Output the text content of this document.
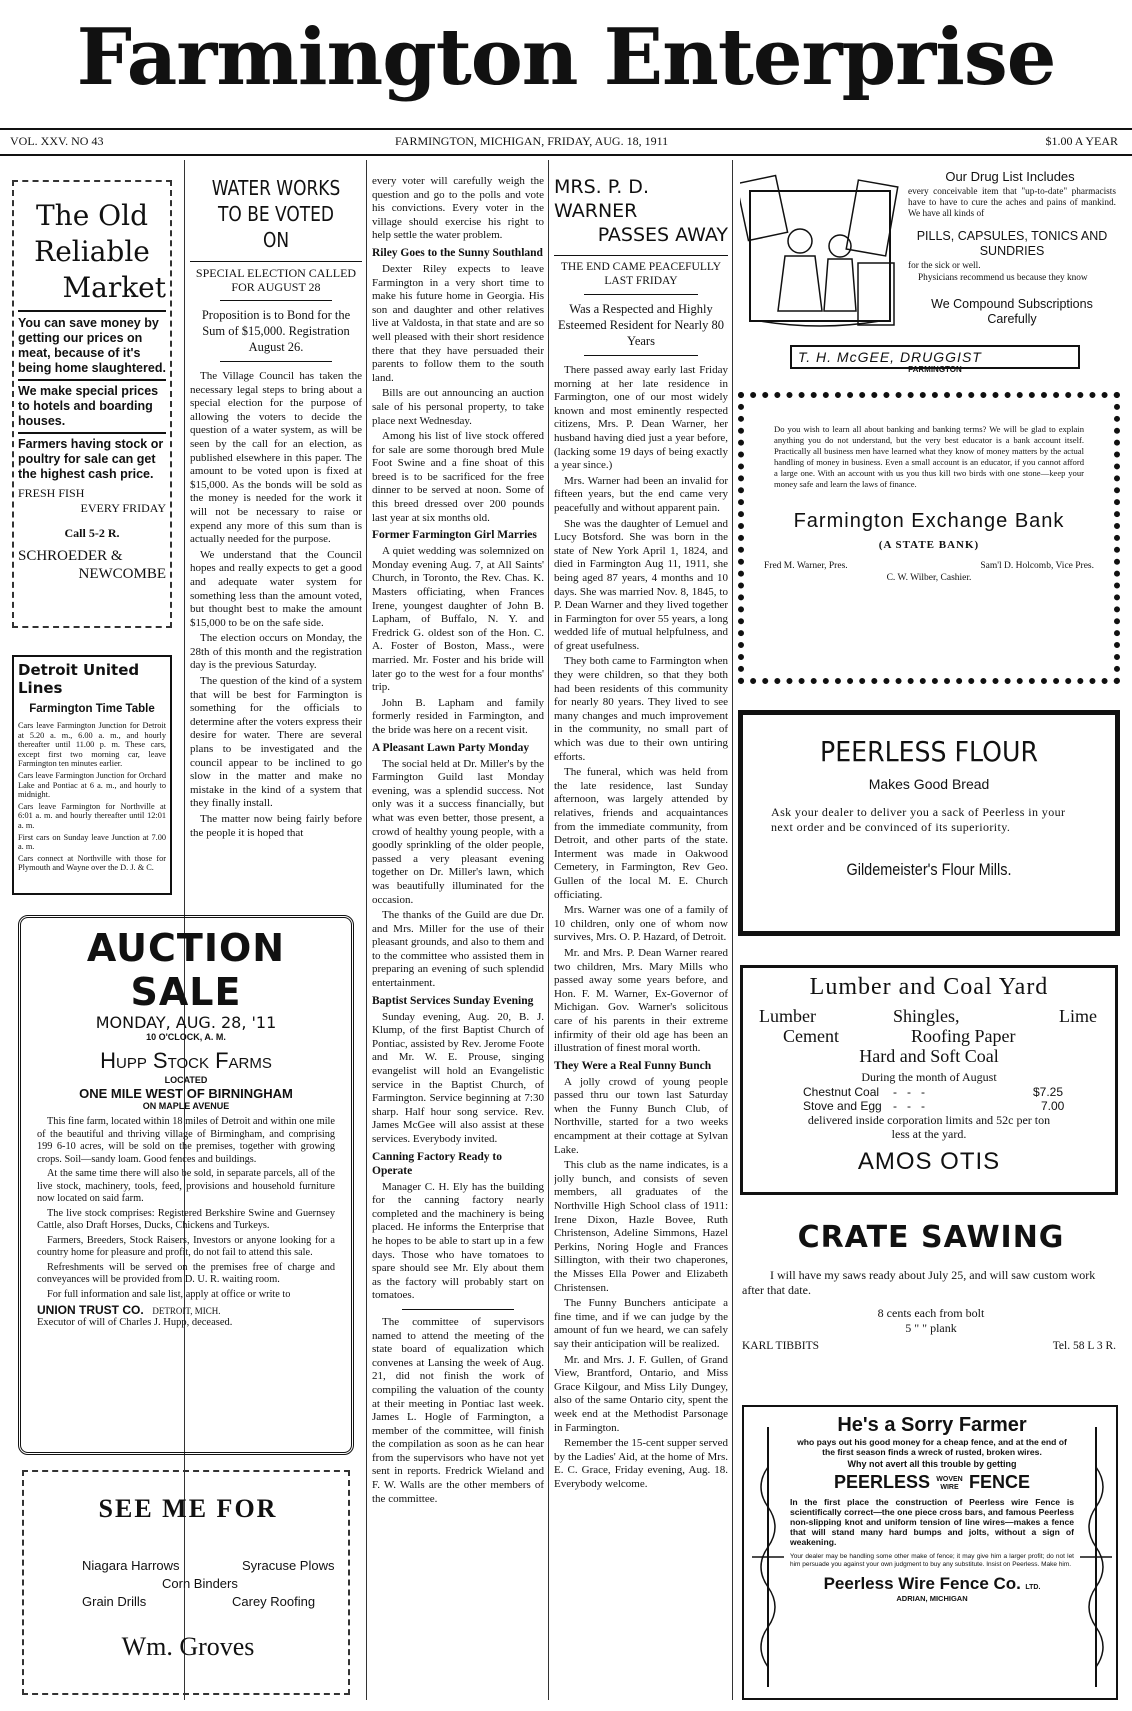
Farmington Enterprise
VOL. XXV. NO 43	FARMINGTON, MICHIGAN, FRIDAY, AUG. 18, 1911	$1.00 A YEAR
The Old
Reliable
Market
You can save money by getting our prices on meat, because of it's being home slaughtered.
We make special prices to hotels and boarding houses.
Farmers having stock or poultry for sale can get the highest cash price.
FRESH FISH
EVERY FRIDAY
Call 5-2 R.
SCHROEDER &
NEWCOMBE
Detroit United Lines
Farmington Time Table
Cars leave Farmington Junction for Detroit at 5.20 a. m., 6.00 a. m., and hourly thereafter until 11.00 p. m. These cars, except first two morning car, leave Farmington ten minutes earlier.
Cars leave Farmington Junction for Orchard Lake and Pontiac at 6 a. m., and hourly to midnight.
Cars leave Farmington for Northville at 6:01 a. m. and hourly thereafter until 12:01 a. m.
First cars on Sunday leave Junction at 7.00 a. m.
Cars connect at Northville with those for Plymouth and Wayne over the D. J. & C.
AUCTION SALE
MONDAY, AUG. 28, '11
10 O'CLOCK, A. M.
Hupp Stock Farms
LOCATED
ONE MILE WEST OF BIRNINGHAM
ON MAPLE AVENUE

This fine farm, located within 18 miles of Detroit and within one mile of the beautiful and thriving village of Birmingham, and comprising 199 6-10 acres, will be sold on the premises, together with growing crops. Soil—sandy loam. Good fences and buildings.

At the same time there will also be sold, in separate parcels, all of the live stock, machinery, tools, feed, provisions and household furniture now located on said farm.

The live stock comprises: Registered Berkshire Swine and Guernsey Cattle, also Draft Horses, Ducks, Chickens and Turkeys.

Farmers, Breeders, Stock Raisers, Investors or anyone looking for a country home for pleasure and profit, do not fail to attend this sale.

Refreshments will be served on the premises free of charge and conveyances will be provided from D. U. R. waiting room.

For full information and sale list, apply at office or write to

UNION TRUST CO. DETROIT, MICH.
Executor of will of Charles J. Hupp, deceased.
SEE ME FOR
Niagara Harrows	Syracuse Plows
Corn Binders
Grain Drills	Carey Roofing
Wm. Groves
WATER WORKS TO BE VOTED ON
SPECIAL ELECTION CALLED FOR AUGUST 28
Proposition is to Bond for the Sum of $15,000. Registration August 26.

The Village Council has taken the necessary legal steps to bring about a special election for the purpose of allowing the voters to decide the question of a water system, as will be seen by the call for an election, as published elsewhere in this paper. The amount to be voted upon is fixed at $15,000. As the bonds will be sold as the money is needed for the work it will not be necessary to raise or expend any more of this sum than is actually needed for the purpose.

We understand that the Council hopes and really expects to get a good and adequate water system for something less than the amount voted, but thought best to make the amount $15,000 to be on the safe side.

The election occurs on Monday, the 28th of this month and the registration day is the previous Saturday.

The question of the kind of a system that will be best for Farmington is something for the officials to determine after the voters express their desire for water. There are several plans to be investigated and the council appear to be inclined to go slow in the matter and make no mistake in the kind of a system that they finally install.

The matter now being fairly before the people it is hoped that

every voter will carefully weigh the question and go to the polls and vote his convictions. Every voter in the village should exercise his right to help settle the water problem.

Riley Goes to the Sunny Southland

Dexter Riley expects to leave Farmington in a very short time to make his future home in Georgia. His son and daughter and other relatives live at Valdosta, in that state and are so well pleased with their short residence there that they have persuaded their parents to follow them to the south land.

Bills are out announcing an auction sale of his personal property, to take place next Wednesday.

Among his list of live stock offered for sale are some thorough bred Mule Foot Swine and a fine shoat of this breed is to be sacrificed for the free dinner to be served at noon. Some of this breed dressed over 200 pounds last year at six months old.

Former Farmington Girl Marries

A quiet wedding was solemnized on Monday evening Aug. 7, at All Saints' Church, in Toronto, the Rev. Chas. K. Masters officiating, when Frances Irene, youngest daughter of John B. Lapham, of Buffalo, N. Y. and Fredrick G. oldest son of the Hon. C. A. Foster of Boston, Mass., were married. Mr. Foster and his bride will later go to the west for a four months' trip.

John B. Lapham and family formerly resided in Farmington, and the bride was here on a recent visit.

A Pleasant Lawn Party Monday

The social held at Dr. Miller's by the Farmington Guild last Monday evening, was a splendid success. Not only was it a success financially, but what was even better, those present, a crowd of healthy young people, with a goodly sprinkling of the older people, passed a very pleasant evening together on Dr. Miller's lawn, which was beautifully illuminated for the occasion.

The thanks of the Guild are due Dr. and Mrs. Miller for the use of their pleasant grounds, and also to them and to the committee who assisted them in preparing an evening of such splendid entertainment.

Baptist Services Sunday Evening

Sunday evening, Aug. 20, B. J. Klump, of the first Baptist Church of Pontiac, assisted by Rev. Jerome Foote and Mr. W. E. Prouse, singing evangelist will hold an Evangelistic service in the Baptist Church, of Farmington. Service beginning at 7:30 sharp. Half hour song service. Rev. James McGee will also assist at these services. Everybody invited.

Canning Factory Ready to Operate

Manager C. H. Ely has the building for the canning factory nearly completed and the machinery is being placed. He informs the Enterprise that he hopes to be able to start up in a few days. Those who have tomatoes to spare should see Mr. Ely about them as the factory will probably start on tomatoes.

The committee of supervisors named to attend the meeting of the state board of equalization which convenes at Lansing the week of Aug. 21, did not finish the work of compiling the valuation of the county at their meeting in Pontiac last week. James L. Hogle of Farmington, a member of the committee, will finish the compilation as soon as he can hear from the supervisors who have not yet sent in reports. Fredrick Wieland and F. W. Walls are the other members of the committee.

MRS. P. D. WARNER
PASSES AWAY
THE END CAME PEACEFULLY LAST FRIDAY
Was a Respected and Highly Esteemed Resident for Nearly 80 Years

There passed away early last Friday morning at her late residence in Farmington, one of our most widely known and most eminently respected citizens, Mrs. P. Dean Warner, her husband having died just a year before, (lacking some 19 days of being exactly a year since.)

Mrs. Warner had been an invalid for fifteen years, but the end came very peacefully and without apparent pain.

She was the daughter of Lemuel and Lucy Botsford. She was born in the state of New York April 1, 1824, and died in Farmington Aug 11, 1911, she being aged 87 years, 4 months and 10 days. She was married Nov. 8, 1845, to P. Dean Warner and they lived together in Farmington for over 55 years, a long wedded life of mutual helpfulness, and of great usefulness.

They both came to Farmington when they were children, so that they both had been residents of this community for nearly 80 years. They lived to see many changes and much improvement in the community, no small part of which was due to their own untiring efforts.

The funeral, which was held from the late residence, last Sunday afternoon, was largely attended by relatives, friends and acquaintances from the immediate community, from Detroit, and other parts of the state. Interment was made in Oakwood Cemetery, in Farmington, Rev Geo. Gullen of the local M. E. Church officiating.

Mrs. Warner was one of a family of 10 children, only one of whom now survives, Mrs. O. P. Hazard, of Detroit.

Mr. and Mrs. P. Dean Warner reared two children, Mrs. Mary Mills who passed away some years before, and Hon. F. M. Warner, Ex-Governor of Michigan. Gov. Warner's solicitous care of his parents in their extreme infirmity of their old age has been an illustration of finest moral worth.

They Were a Real Funny Bunch

A jolly crowd of young people passed thru our town last Saturday when the Funny Bunch Club, of Northville, started for a two weeks encampment at their cottage at Sylvan Lake.

This club as the name indicates, is a jolly bunch, and consists of seven members, all graduates of the Northville High School class of 1911: Irene Dixon, Hazle Bovee, Ruth Christenson, Adeline Simmons, Hazel Perkins, Noring Hogle and Frances Sillington, with their two chaperones, the Misses Ella Power and Elizabeth Christensen.

The Funny Bunchers anticipate a fine time, and if we can judge by the amount of fun we heard, we can safely say their anticipation will be realized.

Mr. and Mrs. J. F. Gullen, of Grand View, Brantford, Ontario, and Miss Grace Kilgour, and Miss Lily Dungey, also of the same Ontario city, spent the week end at the Methodist Parsonage in Farmington.

Remember the 15-cent supper served by the Ladies' Aid, at the home of Mrs. E. C. Grace, Friday evening, Aug. 18. Everybody welcome.

Our Drug List Includes
every conceivable item that "up-to-date" pharmacists have to have to cure the aches and pains of mankind. We have all kinds of
PILLS, CAPSULES, TONICS AND SUNDRIES
for the sick or well.
Physicians recommend us because they know
We Compound Subscriptions Carefully
T. H. McGEE, DRUGGIST
FARMINGTON
Do you wish to learn all about banking and banking terms? We will be glad to explain anything you do not understand, but the very best educator is a bank account itself. Practically all business men have learned what they know of money matters by the actual handling of money in business. Even a small account is an educator, if you cannot afford a large one. With an account with us you thus kill two birds with one stone—keep your money safe and learn the laws of finance.
Farmington Exchange Bank
(A STATE BANK)
Fred M. Warner, Pres.	Sam'l D. Holcomb, Vice Pres.
C. W. Wilber, Cashier.
PEERLESS FLOUR
Makes Good Bread
Ask your dealer to deliver you a sack of Peerless in your next order and be convinced of its superiority.
Gildemeister's Flour Mills.
Lumber and Coal Yard
Lumber	Shingles,	Lime
Cement	Roofing Paper
Hard and Soft Coal
During the month of August
Chestnut Coal -   -   -	$7.25
Stove and Egg -   -   -	7.00
delivered inside corporation limits and 52c per ton less at the yard.
AMOS OTIS
CRATE SAWING
I will have my saws ready about July 25, and will saw custom work after that date.
8 cents each from bolt
5 " " plank
KARL TIBBITS	Tel. 58 L 3 R.
He's a Sorry Farmer
who pays out his good money for a cheap fence, and at the end of the first season finds a wreck of rusted, broken wires.
Why not avert all this trouble by getting
PEERLESS WOVEN WIRE FENCE
In the first place the construction of Peerless wire Fence is scientifically correct—the one piece cross bars, and famous Peerless non-slipping knot and uniform tension of line wires—makes a fence that will stand many hard bumps and jolts, without a sign of weakening.
Your dealer may be handling some other make of fence; it may give him a larger profit; do not let him persuade you against your own judgment to buy any substitute. Insist on Peerless. Make him.
Peerless Wire Fence Co. LTD.
ADRIAN, MICHIGAN
